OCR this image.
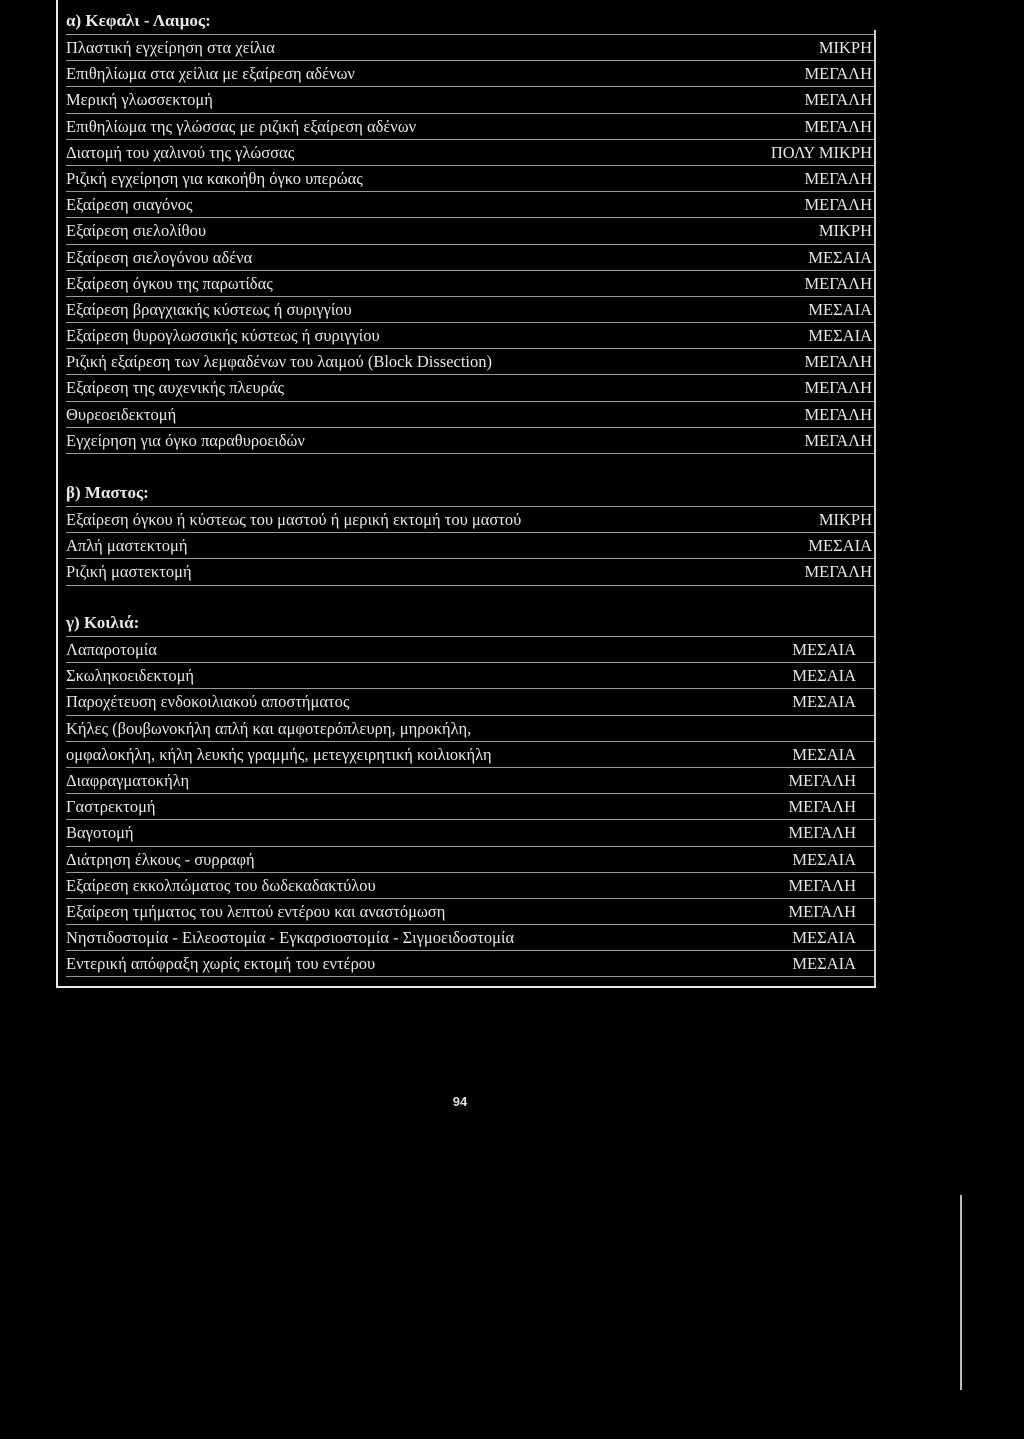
α) Κεφαλι - Λαιμος:
Πλαστική εγχείρηση στα χείλια	ΜΙΚΡΗ
Επιθηλίωμα στα χείλια με εξαίρεση αδένων	ΜΕΓΑΛΗ
Μερική γλωσσεκτομή	ΜΕΓΑΛΗ
Επιθηλίωμα της γλώσσας με ριζική εξαίρεση αδένων	ΜΕΓΑΛΗ
Διατομή του χαλινού της γλώσσας	ΠΟΛΥ ΜΙΚΡΗ
Ριζική εγχείρηση για κακοήθη όγκο υπερώας	ΜΕΓΑΛΗ
Εξαίρεση σιαγόνος	ΜΕΓΑΛΗ
Εξαίρεση σιελολίθου	ΜΙΚΡΗ
Εξαίρεση σιελογόνου αδένα	ΜΕΣΑΙΑ
Εξαίρεση όγκου της παρωτίδας	ΜΕΓΑΛΗ
Εξαίρεση βραγχιακής κύστεως ή συριγγίου	ΜΕΣΑΙΑ
Εξαίρεση θυρογλωσσικής κύστεως ή συριγγίου	ΜΕΣΑΙΑ
Ριζική εξαίρεση των λεμφαδένων του λαιμού (Block Dissection)	ΜΕΓΑΛΗ
Εξαίρεση της αυχενικής πλευράς	ΜΕΓΑΛΗ
Θυρεοειδεκτομή	ΜΕΓΑΛΗ
Εγχείρηση για όγκο παραθυροειδών	ΜΕΓΑΛΗ
β) Μαστος:
Εξαίρεση όγκου ή κύστεως του μαστού ή μερική εκτομή του μαστού	ΜΙΚΡΗ
Απλή μαστεκτομή	ΜΕΣΑΙΑ
Ριζική μαστεκτομή	ΜΕΓΑΛΗ
γ) Κοιλιά:
Λαπαροτομία	ΜΕΣΑΙΑ
Σκωληκοειδεκτομή	ΜΕΣΑΙΑ
Παροχέτευση ενδοκοιλιακού αποστήματος	ΜΕΣΑΙΑ
Κήλες (βουβωνοκήλη απλή και αμφοτερόπλευρη, μηροκήλη,
ομφαλοκήλη, κήλη λευκής γραμμής, μετεγχειρητική κοιλιοκήλη	ΜΕΣΑΙΑ
Διαφραγματοκήλη	ΜΕΓΑΛΗ
Γαστρεκτομή	ΜΕΓΑΛΗ
Βαγοτομή	ΜΕΓΑΛΗ
Διάτρηση έλκους - συρραφή	ΜΕΣΑΙΑ
Εξαίρεση εκκολπώματος του δωδεκαδακτύλου	ΜΕΓΑΛΗ
Εξαίρεση τμήματος του λεπτού εντέρου και αναστόμωση	ΜΕΓΑΛΗ
Νηστιδοστομία - Ειλεοστομία - Εγκαρσιοστομία - Σιγμοειδοστομία	ΜΕΣΑΙΑ
Εντερική απόφραξη χωρίς εκτομή του εντέρου	ΜΕΣΑΙΑ
94
